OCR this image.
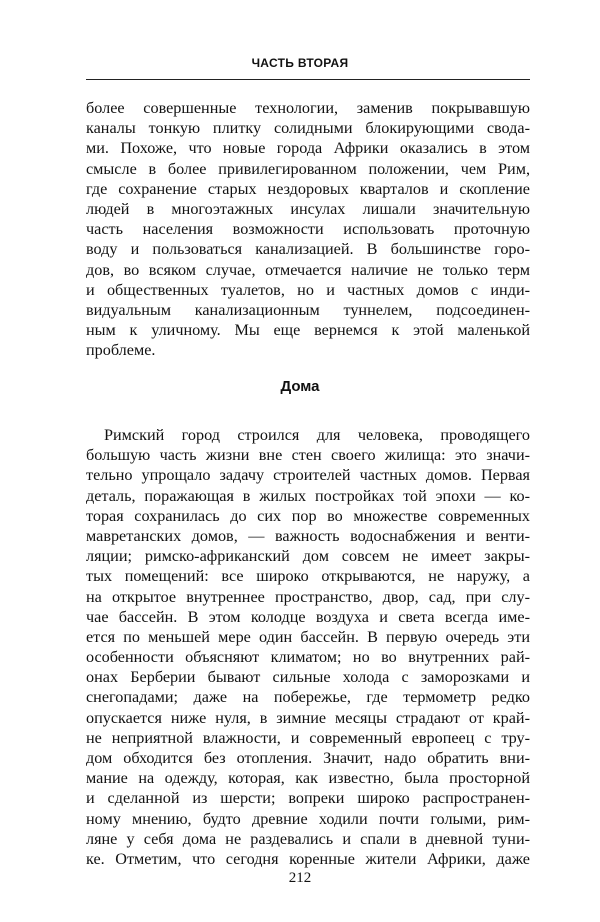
ЧАСТЬ ВТОРАЯ
более совершенные технологии, заменив покрывавшую
каналы тонкую плитку солидными блокирующими свода-
ми. Похоже, что новые города Африки оказались в этом
смысле в более привилегированном положении, чем Рим,
где сохранение старых нездоровых кварталов и скопление
людей в многоэтажных инсулах лишали значительную
часть населения возможности использовать проточную
воду и пользоваться канализацией. В большинстве горо-
дов, во всяком случае, отмечается наличие не только терм
и общественных туалетов, но и частных домов с инди-
видуальным канализационным туннелем, подсоединен-
ным к уличному. Мы еще вернемся к этой маленькой
проблеме.
Дома
Римский город строился для человека, проводящего
большую часть жизни вне стен своего жилища: это значи-
тельно упрощало задачу строителей частных домов. Первая
деталь, поражающая в жилых постройках той эпохи — ко-
торая сохранилась до сих пор во множестве современных
мавретанских домов, — важность водоснабжения и венти-
ляции; римско-африканский дом совсем не имеет закры-
тых помещений: все широко открываются, не наружу, а
на открытое внутреннее пространство, двор, сад, при слу-
чае бассейн. В этом колодце воздуха и света всегда име-
ется по меньшей мере один бассейн. В первую очередь эти
особенности объясняют климатом; но во внутренних рай-
онах Берберии бывают сильные холода с заморозками и
снегопадами; даже на побережье, где термометр редко
опускается ниже нуля, в зимние месяцы страдают от край-
не неприятной влажности, и современный европеец с тру-
дом обходится без отопления. Значит, надо обратить вни-
мание на одежду, которая, как известно, была просторной
и сделанной из шерсти; вопреки широко распространен-
ному мнению, будто древние ходили почти голыми, рим-
ляне у себя дома не раздевались и спали в дневной туни-
ке. Отметим, что сегодня коренные жители Африки, даже
212
